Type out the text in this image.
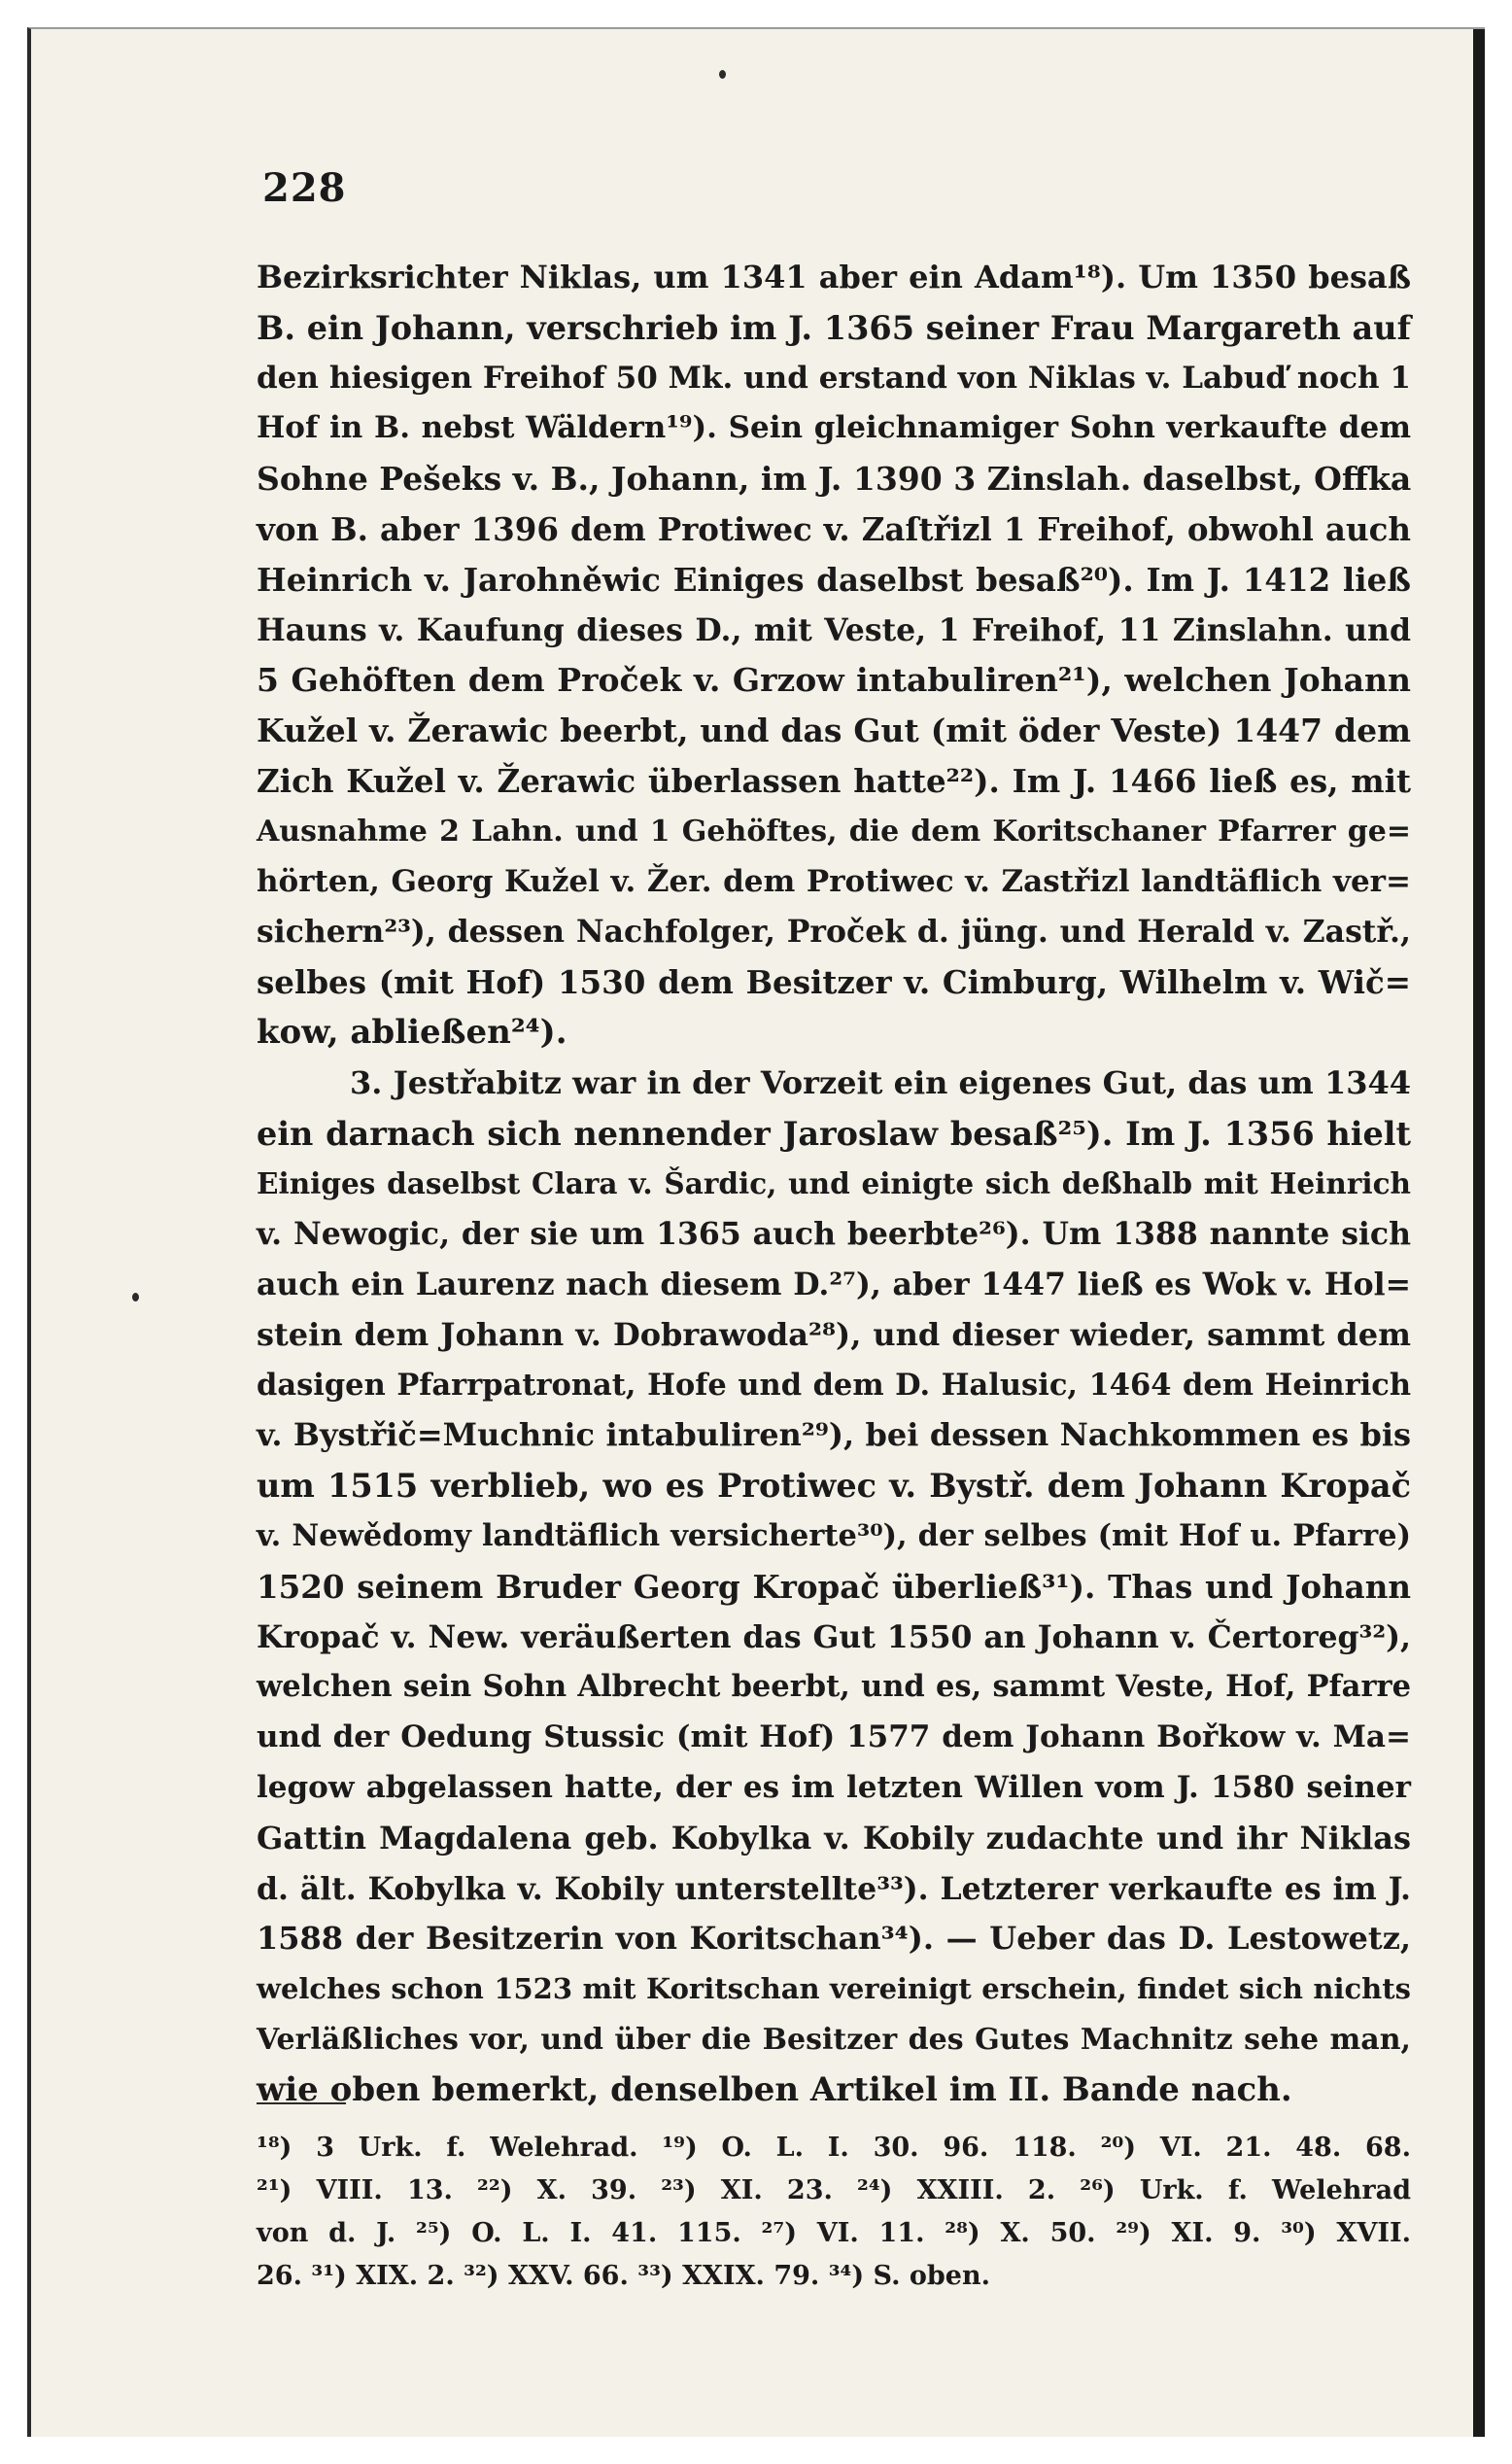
228
Bezirksrichter Niklas, um 1341 aber ein Adam¹⁸). Um 1350 besaß
B. ein Johann, verschrieb im J. 1365 seiner Frau Margareth auf
den hiesigen Freihof 50 Mk. und erstand von Niklas v. Labuď noch 1
Hof in B. nebst Wäldern¹⁹). Sein gleichnamiger Sohn verkaufte dem
Sohne Pešeks v. B., Johann, im J. 1390 3 Zinslah. daselbst, Offka
von B. aber 1396 dem Protiwec v. Zaſtřizl 1 Freihof, obwohl auch
Heinrich v. Jarohněwic Einiges daselbst besaß²⁰). Im J. 1412 ließ
Hauns v. Kaufung dieses D., mit Veste, 1 Freihof, 11 Zinslahn. und
5 Gehöften dem Proček v. Grzow intabuliren²¹), welchen Johann
Kužel v. Žerawic beerbt, und das Gut (mit öder Veste) 1447 dem
Zich Kužel v. Žerawic überlassen hatte²²). Im J. 1466 ließ es, mit
Ausnahme 2 Lahn. und 1 Gehöftes, die dem Koritschaner Pfarrer ge=
hörten, Georg Kužel v. Žer. dem Protiwec v. Zastřizl landtäflich ver=
sichern²³), dessen Nachfolger, Proček d. jüng. und Herald v. Zastř.,
selbes (mit Hof) 1530 dem Besitzer v. Cimburg, Wilhelm v. Wič=
kow, abließen²⁴).
3. Jestřabitz war in der Vorzeit ein eigenes Gut, das um 1344
ein darnach sich nennender Jaroslaw besaß²⁵). Im J. 1356 hielt
Einiges daselbst Clara v. Šardic, und einigte sich deßhalb mit Heinrich
v. Newogic, der sie um 1365 auch beerbte²⁶). Um 1388 nannte sich
auch ein Laurenz nach diesem D.²⁷), aber 1447 ließ es Wok v. Hol=
stein dem Johann v. Dobrawoda²⁸), und dieser wieder, sammt dem
dasigen Pfarrpatronat, Hofe und dem D. Halusic, 1464 dem Heinrich
v. Bystřič=Muchnic intabuliren²⁹), bei dessen Nachkommen es bis
um 1515 verblieb, wo es Protiwec v. Bystř. dem Johann Kropač
v. Newědomy landtäflich versicherte³⁰), der selbes (mit Hof u. Pfarre)
1520 seinem Bruder Georg Kropač überließ³¹). Thas und Johann
Kropač v. New. veräußerten das Gut 1550 an Johann v. Čertoreg³²),
welchen sein Sohn Albrecht beerbt, und es, sammt Veste, Hof, Pfarre
und der Oedung Stussic (mit Hof) 1577 dem Johann Bořkow v. Ma=
legow abgelassen hatte, der es im letzten Willen vom J. 1580 seiner
Gattin Magdalena geb. Kobylka v. Kobily zudachte und ihr Niklas
d. ält. Kobylka v. Kobily unterstellte³³). Letzterer verkaufte es im J.
1588 der Besitzerin von Koritschan³⁴). — Ueber das D. Lestowetz,
welches schon 1523 mit Koritschan vereinigt erschein, findet sich nichts
Verläßliches vor, und über die Besitzer des Gutes Machnitz sehe man,
wie oben bemerkt, denselben Artikel im II. Bande nach.
¹⁸) 3 Urk. f. Welehrad. ¹⁹) O. L. I. 30. 96. 118. ²⁰) VI. 21. 48. 68.
²¹) VIII. 13. ²²) X. 39. ²³) XI. 23. ²⁴) XXIII. 2. ²⁶) Urk. f. Welehrad
von d. J. ²⁵) O. L. I. 41. 115. ²⁷) VI. 11. ²⁸) X. 50. ²⁹) XI. 9. ³⁰) XVII.
26. ³¹) XIX. 2. ³²) XXV. 66. ³³) XXIX. 79. ³⁴) S. oben.
